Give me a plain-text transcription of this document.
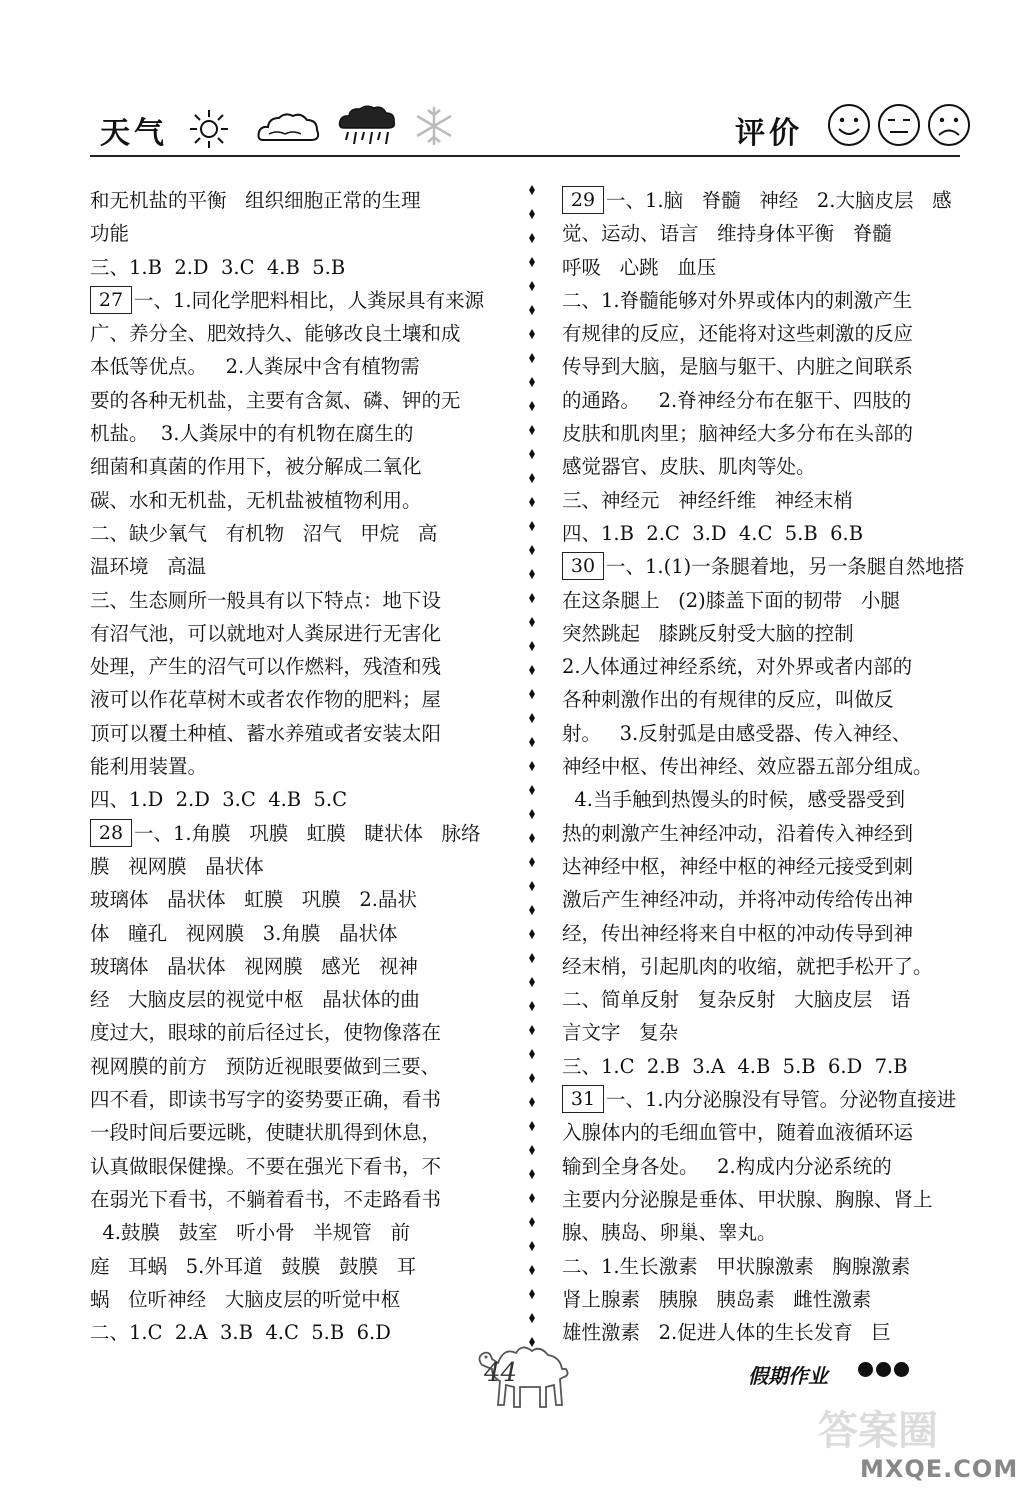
天气	评价

和无机盐的平衡   组织细胞正常的生理

功能

三、1.B  2.D  3.C  4.B  5.B

27 一、1.同化学肥料相比，人粪尿具有来源

广、养分全、肥效持久、能够改良土壤和成

本低等优点。   2.人粪尿中含有植物需

要的各种无机盐，主要有含氮、磷、钾的无

机盐。  3.人粪尿中的有机物在腐生的

细菌和真菌的作用下，被分解成二氧化

碳、水和无机盐，无机盐被植物利用。

二、缺少氧气   有机物   沼气   甲烷   高

温环境   高温

三、生态厕所一般具有以下特点：地下设

有沼气池，可以就地对人粪尿进行无害化

处理，产生的沼气可以作燃料，残渣和残

液可以作花草树木或者农作物的肥料；屋

顶可以覆土种植、蓄水养殖或者安装太阳

能利用装置。

四、1.D  2.D  3.C  4.B  5.C

28 一、1.角膜   巩膜   虹膜   睫状体   脉络

膜   视网膜   晶状体

玻璃体   晶状体   虹膜   巩膜   2.晶状

体   瞳孔   视网膜   3.角膜   晶状体

玻璃体   晶状体   视网膜   感光   视神

经   大脑皮层的视觉中枢   晶状体的曲

度过大，眼球的前后径过长，使物像落在

视网膜的前方   预防近视眼要做到三要、

四不看，即读书写字的姿势要正确，看书

一段时间后要远眺，使睫状肌得到休息，

认真做眼保健操。不要在强光下看书，不

在弱光下看书，不躺着看书，不走路看书

4.鼓膜   鼓室   听小骨   半规管   前

庭   耳蜗   5.外耳道   鼓膜   鼓膜   耳

蜗   位听神经   大脑皮层的听觉中枢

二、1.C  2.A  3.B  4.C  5.B  6.D

29 一、1.脑   脊髓   神经   2.大脑皮层   感

觉、运动、语言   维持身体平衡   脊髓

呼吸   心跳   血压

二、1.脊髓能够对外界或体内的刺激产生

有规律的反应，还能将对这些刺激的反应

传导到大脑，是脑与躯干、内脏之间联系

的通路。   2.脊神经分布在躯干、四肢的

皮肤和肌肉里；脑神经大多分布在头部的

感觉器官、皮肤、肌肉等处。

三、神经元   神经纤维   神经末梢

四、1.B  2.C  3.D  4.C  5.B  6.B

30 一、1.(1)一条腿着地，另一条腿自然地搭

在这条腿上   (2)膝盖下面的韧带   小腿

突然跳起   膝跳反射受大脑的控制

2.人体通过神经系统，对外界或者内部的

各种刺激作出的有规律的反应，叫做反

射。   3.反射弧是由感受器、传入神经、

神经中枢、传出神经、效应器五部分组成。

4.当手触到热馒头的时候，感受器受到

热的刺激产生神经冲动，沿着传入神经到

达神经中枢，神经中枢的神经元接受到刺

激后产生神经冲动，并将冲动传给传出神

经，传出神经将来自中枢的冲动传导到神

经末梢，引起肌肉的收缩，就把手松开了。

二、简单反射   复杂反射   大脑皮层   语

言文字   复杂

三、1.C  2.B  3.A  4.B  5.B  6.D  7.B

31 一、1.内分泌腺没有导管。分泌物直接进

入腺体内的毛细血管中，随着血液循环运

输到全身各处。   2.构成内分泌系统的

主要内分泌腺是垂体、甲状腺、胸腺、肾上

腺、胰岛、卵巢、睾丸。

二、1.生长激素   甲状腺激素   胸腺激素

肾上腺素   胰腺   胰岛素   雌性激素

雄性激素   2.促进人体的生长发育   巨

44	假期作业
答案圈
MXQE.COM
